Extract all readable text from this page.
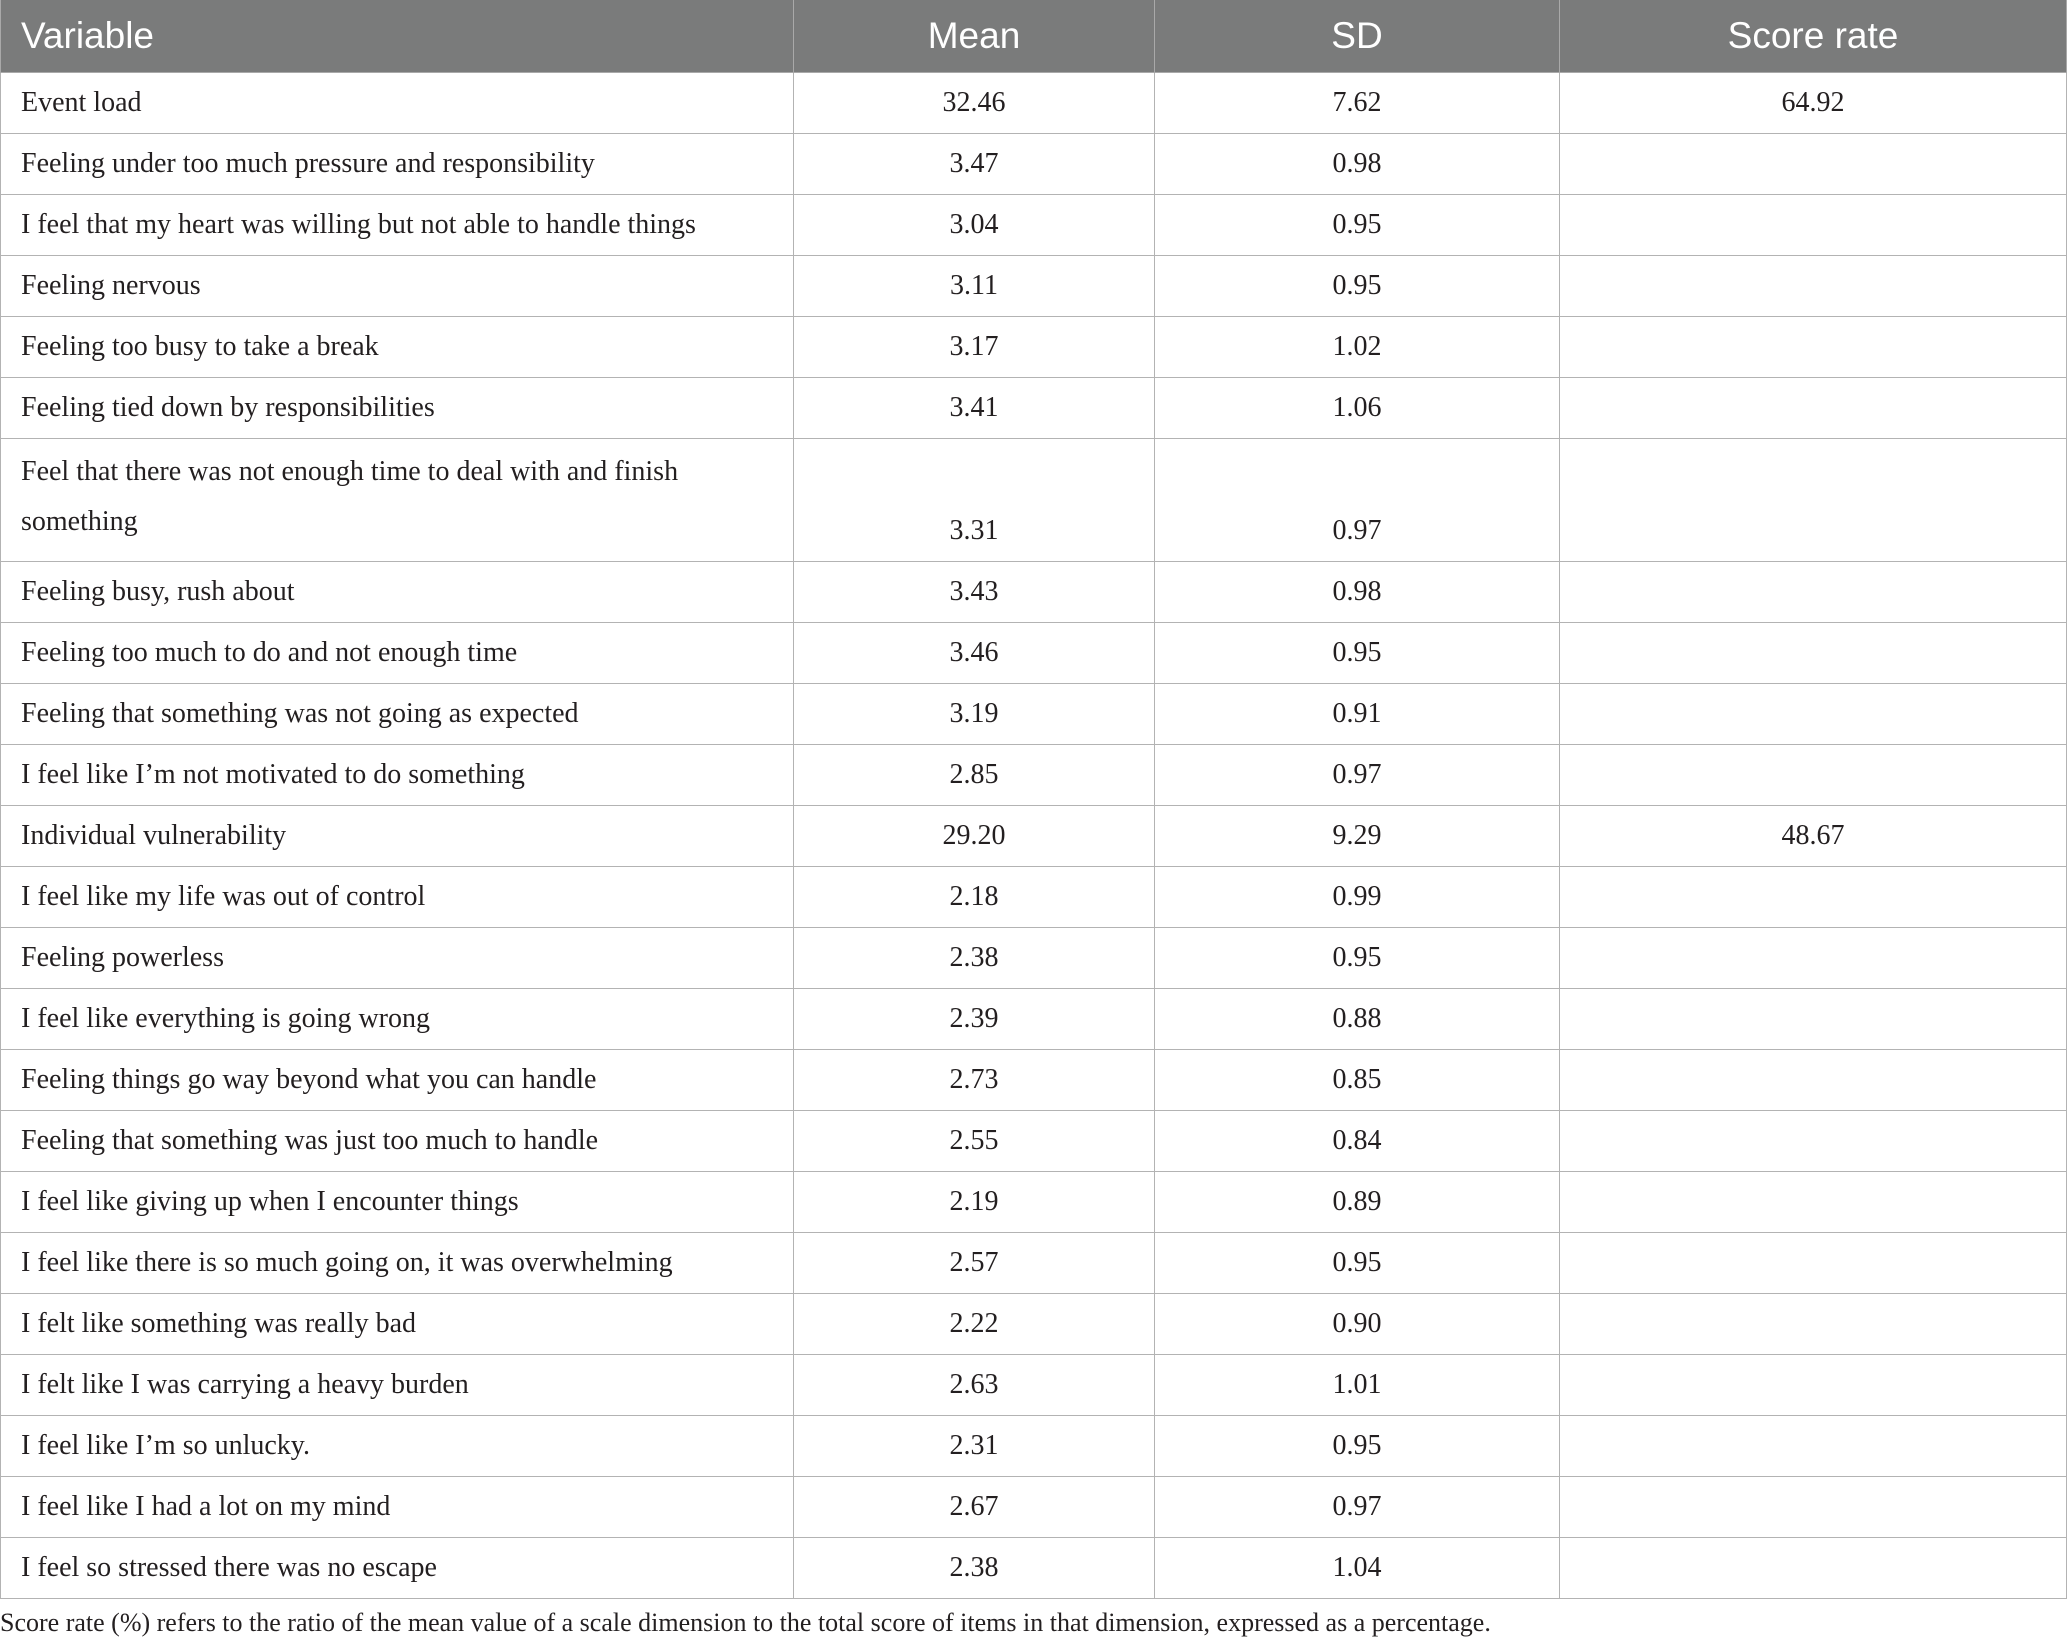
Variable	Mean	SD	Score rate
Event load	32.46	7.62	64.92
Feeling under too much pressure and responsibility	3.47	0.98	
I feel that my heart was willing but not able to handle things	3.04	0.95	
Feeling nervous	3.11	0.95	
Feeling too busy to take a break	3.17	1.02	
Feeling tied down by responsibilities	3.41	1.06	
Feel that there was not enough time to deal with and finish something	3.31	0.97	
Feeling busy, rush about	3.43	0.98	
Feeling too much to do and not enough time	3.46	0.95	
Feeling that something was not going as expected	3.19	0.91	
I feel like I’m not motivated to do something	2.85	0.97	
Individual vulnerability	29.20	9.29	48.67
I feel like my life was out of control	2.18	0.99	
Feeling powerless	2.38	0.95	
I feel like everything is going wrong	2.39	0.88	
Feeling things go way beyond what you can handle	2.73	0.85	
Feeling that something was just too much to handle	2.55	0.84	
I feel like giving up when I encounter things	2.19	0.89	
I feel like there is so much going on, it was overwhelming	2.57	0.95	
I felt like something was really bad	2.22	0.90	
I felt like I was carrying a heavy burden	2.63	1.01	
I feel like I’m so unlucky.	2.31	0.95	
I feel like I had a lot on my mind	2.67	0.97	
I feel so stressed there was no escape	2.38	1.04	
Score rate (%) refers to the ratio of the mean value of a scale dimension to the total score of items in that dimension, expressed as a percentage.
